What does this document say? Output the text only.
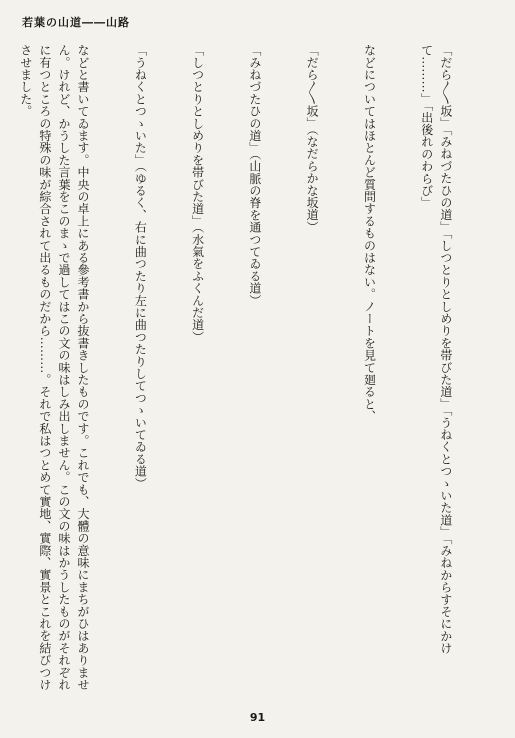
若葉の山道――山路

「だら〳〵坂」「みねづたひの道」「しつとりとしめりを帯びた道」「うねくとつゝいた道」「みねからすそにかけて………」「出後れのわらび」

などについてはほとんど質問するものはない。ノートを見て廻ると、

「だら〳〵坂」（なだらかな坂道）

「みねづたひの道」（山脈の脊を通つてゐる道）

「しつとりとしめりを帯びた道」（水氣をふくんだ道）

「うねくとつゝいた」（ゆるく、右に曲つたり左に曲つたりしてつゝいてゐる道）

などと書いてゐます。中央の卓上にある參考書から抜書きしたものです。これでも、大體の意味にまちがひはありません。けれど、かうした言葉をこのまゝで過してはこの文の味はしみ出しません。この文の味はかうしたものがそれぞれに有つところの特殊の味が綜合されて出るものだから………。それで私はつとめて實地、實際、實景とこれを結びつけさせました。

91
